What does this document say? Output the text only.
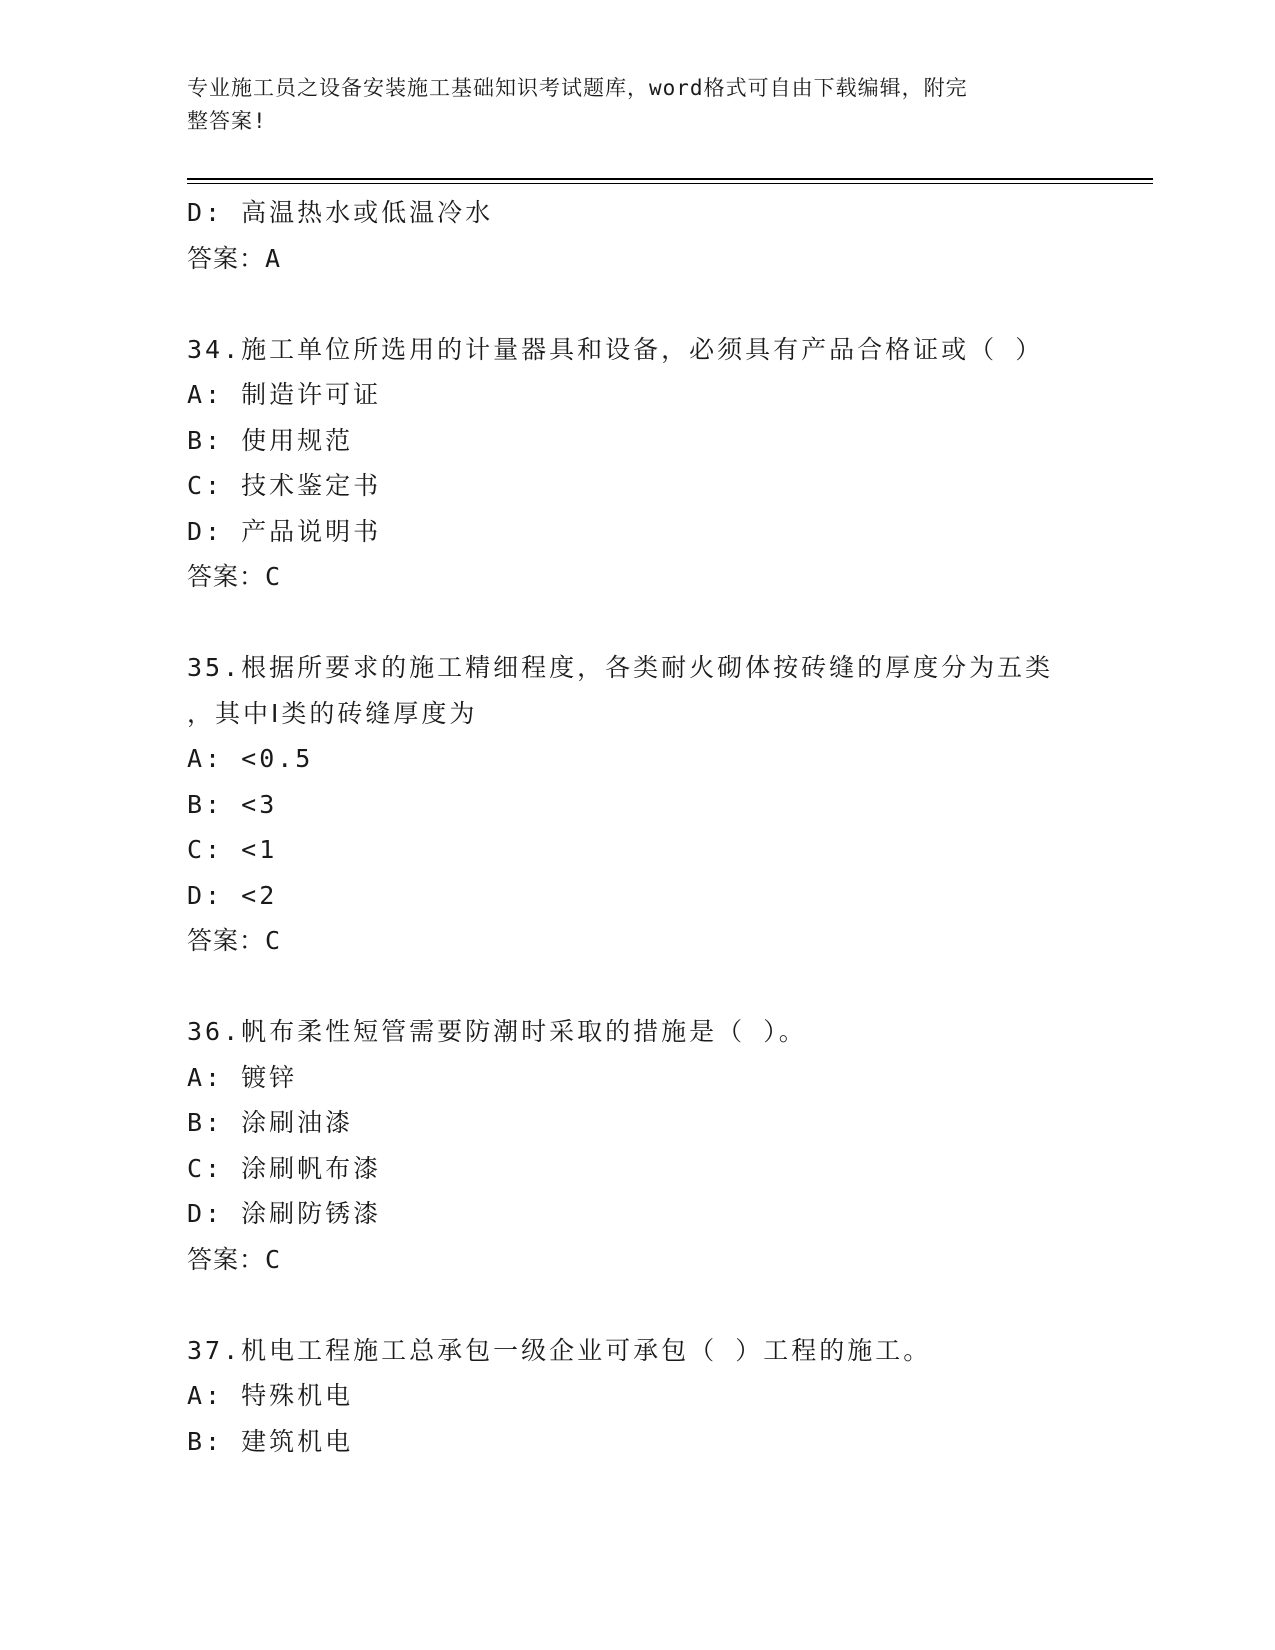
专业施工员之设备安装施工基础知识考试题库，word格式可自由下载编辑，附完
整答案!
D: 高温热水或低温冷水
答案：A
34.施工单位所选用的计量器具和设备，必须具有产品合格证或（ ）
A: 制造许可证
B: 使用规范
C: 技术鉴定书
D: 产品说明书
答案：C
35.根据所要求的施工精细程度，各类耐火砌体按砖缝的厚度分为五类
，其中Ⅰ类的砖缝厚度为
A: <0.5
B: <3
C: <1
D: <2
答案：C
36.帆布柔性短管需要防潮时采取的措施是（ ）。
A: 镀锌
B: 涂刷油漆
C: 涂刷帆布漆
D: 涂刷防锈漆
答案：C
37.机电工程施工总承包一级企业可承包（ ）工程的施工。
A: 特殊机电
B: 建筑机电
